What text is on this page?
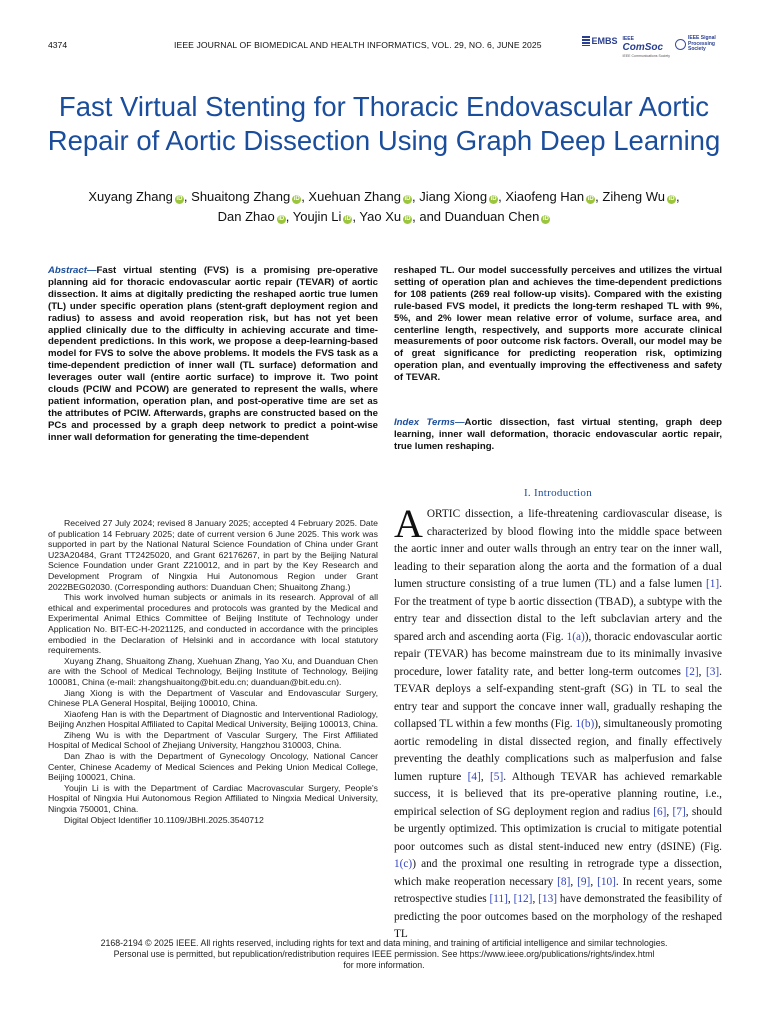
4374	IEEE JOURNAL OF BIOMEDICAL AND HEALTH INFORMATICS, VOL. 29, NO. 6, JUNE 2025	EMBS IEEE
ComSoc
IEEE Communications Society
IEEE Signal Processing Society
Fast Virtual Stenting for Thoracic Endovascular Aortic Repair of Aortic Dissection Using Graph Deep Learning
Xuyang Zhang iD , Shuaitong Zhang iD , Xuehuan Zhang iD , Jiang Xiong iD , Xiaofeng Han iD , Ziheng Wu iD ,
Dan Zhao iD , Youjin Li iD , Yao Xu iD , and Duanduan Chen iD
Abstract—Fast virtual stenting (FVS) is a promising pre-operative planning aid for thoracic endovascular aortic repair (TEVAR) of aortic dissection. It aims at digitally predicting the reshaped aortic true lumen (TL) under specific operation plans (stent-graft deployment region and radius) to assess and avoid reoperation risk, but has not yet been applied clinically due to the difficulty in achieving accurate and time-dependent predictions. In this work, we propose a deep-learning-based model for FVS to solve the above problems. It models the FVS task as a time-dependent prediction of inner wall (TL surface) deformation and leverages outer wall (entire aortic surface) to improve it. Two point clouds (PCIW and PCOW) are generated to represent the walls, where patient information, operation plan, and post-operative time are set as the attributes of PCIW. Afterwards, graphs are constructed based on the PCs and processed by a graph deep network to predict a point-wise inner wall deformation for generating the time-dependent
reshaped TL. Our model successfully perceives and utilizes the virtual setting of operation plan and achieves the time-dependent predictions for 108 patients (269 real follow-up visits). Compared with the existing rule-based FVS model, it predicts the long-term reshaped TL with 9%, 5%, and 2% lower mean relative error of volume, surface area, and centerline length, respectively, and supports more accurate clinical measurements of poor outcome risk factors. Overall, our model may be of great significance for predicting reoperation risk, optimizing operation plan, and eventually improving the effectiveness and safety of TEVAR.
Index Terms—Aortic dissection, fast virtual stenting, graph deep learning, inner wall deformation, thoracic endovascular aortic repair, true lumen reshaping.

Received 27 July 2024; revised 8 January 2025; accepted 4 February 2025. Date of publication 14 February 2025; date of current version 6 June 2025. This work was supported in part by the National Natural Science Foundation of China under Grant U23A20484, Grant TT2425020, and Grant 62176267, in part by the Beijing Natural Science Foundation under Grant Z210012, and in part by the Key Research and Development Program of Ningxia Hui Autonomous Region under Grant 2022BEG02030. (Corresponding authors: Duanduan Chen; Shuaitong Zhang.)

This work involved human subjects or animals in its research. Approval of all ethical and experimental procedures and protocols was granted by the Medical and Experimental Animal Ethics Committee of Beijing Institute of Technology under Application No. BIT-EC-H-2021125, and conducted in accordance with the principles embodied in the Declaration of Helsinki and in accordance with local statutory requirements.

Xuyang Zhang, Shuaitong Zhang, Xuehuan Zhang, Yao Xu, and Duanduan Chen are with the School of Medical Technology, Beijing Institute of Technology, Beijing 100081, China (e-mail: zhangshuaitong@bit.edu.cn; duanduan@bit.edu.cn).

Jiang Xiong is with the Department of Vascular and Endovascular Surgery, Chinese PLA General Hospital, Beijing 100010, China.

Xiaofeng Han is with the Department of Diagnostic and Interventional Radiology, Beijing Anzhen Hospital Affiliated to Capital Medical University, Beijing 100013, China.

Ziheng Wu is with the Department of Vascular Surgery, The First Affiliated Hospital of Medical School of Zhejiang University, Hangzhou 310003, China.

Dan Zhao is with the Department of Gynecology Oncology, National Cancer Center, Chinese Academy of Medical Sciences and Peking Union Medical College, Beijing 100021, China.

Youjin Li is with the Department of Cardiac Macrovascular Surgery, People's Hospital of Ningxia Hui Autonomous Region Affiliated to Ningxia Medical University, Ningxia 750001, China.

Digital Object Identifier 10.1109/JBHI.2025.3540712

I. Introduction
AORTIC dissection, a life-threatening cardiovascular disease, is characterized by blood flowing into the middle space between the aortic inner and outer walls through an entry tear on the inner wall, leading to their separation along the aorta and the formation of a dual lumen structure consisting of a true lumen (TL) and a false lumen [1]. For the treatment of type b aortic dissection (TBAD), a subtype with the entry tear and dissection distal to the left subclavian artery and the spared arch and ascending aorta (Fig. 1(a)), thoracic endovascular aortic repair (TEVAR) has become mainstream due to its minimally invasive procedure, lower fatality rate, and better long-term outcomes [2], [3]. TEVAR deploys a self-expanding stent-graft (SG) in TL to seal the entry tear and support the concave inner wall, gradually reshaping the collapsed TL within a few months (Fig. 1(b)), simultaneously promoting aortic remodeling in distal dissected region, and finally effectively preventing the deathly complications such as malperfusion and false lumen rupture [4], [5]. Although TEVAR has achieved remarkable success, it is believed that its pre-operative planning routine, i.e., empirical selection of SG deployment region and radius [6], [7], should be urgently optimized. This optimization is crucial to mitigate potential poor outcomes such as distal stent-induced new entry (dSINE) (Fig. 1(c)) and the proximal one resulting in retrograde type a dissection, which make reoperation necessary [8], [9], [10]. In recent years, some retrospective studies [11], [12], [13] have demonstrated the feasibility of predicting the poor outcomes based on the morphology of the reshaped TL
2168-2194 © 2025 IEEE. All rights reserved, including rights for text and data mining, and training of artificial intelligence and similar technologies.
Personal use is permitted, but republication/redistribution requires IEEE permission. See https://www.ieee.org/publications/rights/index.html
for more information.
